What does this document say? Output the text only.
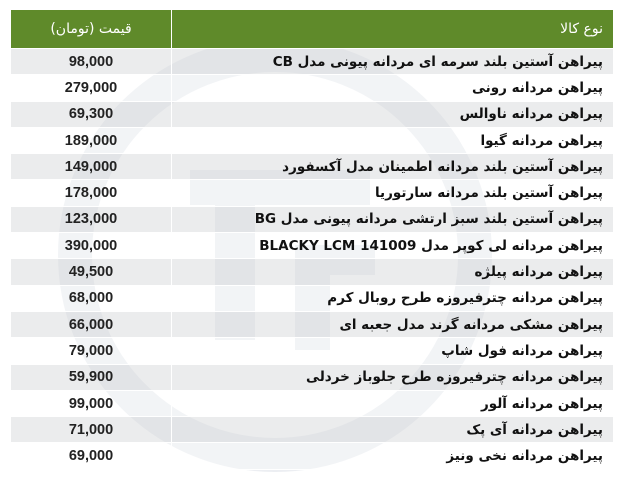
نوع کالا	قیمت (تومان)
پیراهن آستین بلند سرمه ای مردانه پیونی مدل CB	98,000
پیراهن مردانه رونی	279,000
پیراهن مردانه ناوالس	69,300
پیراهن مردانه گیوا	189,000
پیراهن آستین بلند مردانه اطمینان مدل آکسفورد	149,000
پیراهن آستین بلند مردانه سارتوریا	178,000
پیراهن آستین بلند سبز ارتشی مردانه پیونی مدل BG	123,000
پیراهن مردانه لی کوپر مدل BLACKY LCM 141009	390,000
پیراهن مردانه پیلژه	49,500
پیراهن مردانه چترفیروزه طرح روبال کرم	68,000
پیراهن مشکی مردانه گرند مدل جعبه ای	66,000
پیراهن مردانه فول شاپ	79,000
پیراهن مردانه چترفیروزه طرح جلوباز خردلی	59,900
پیراهن مردانه آلور	99,000
پیراهن مردانه آی پک	71,000
پیراهن مردانه نخی ونیز	69,000
